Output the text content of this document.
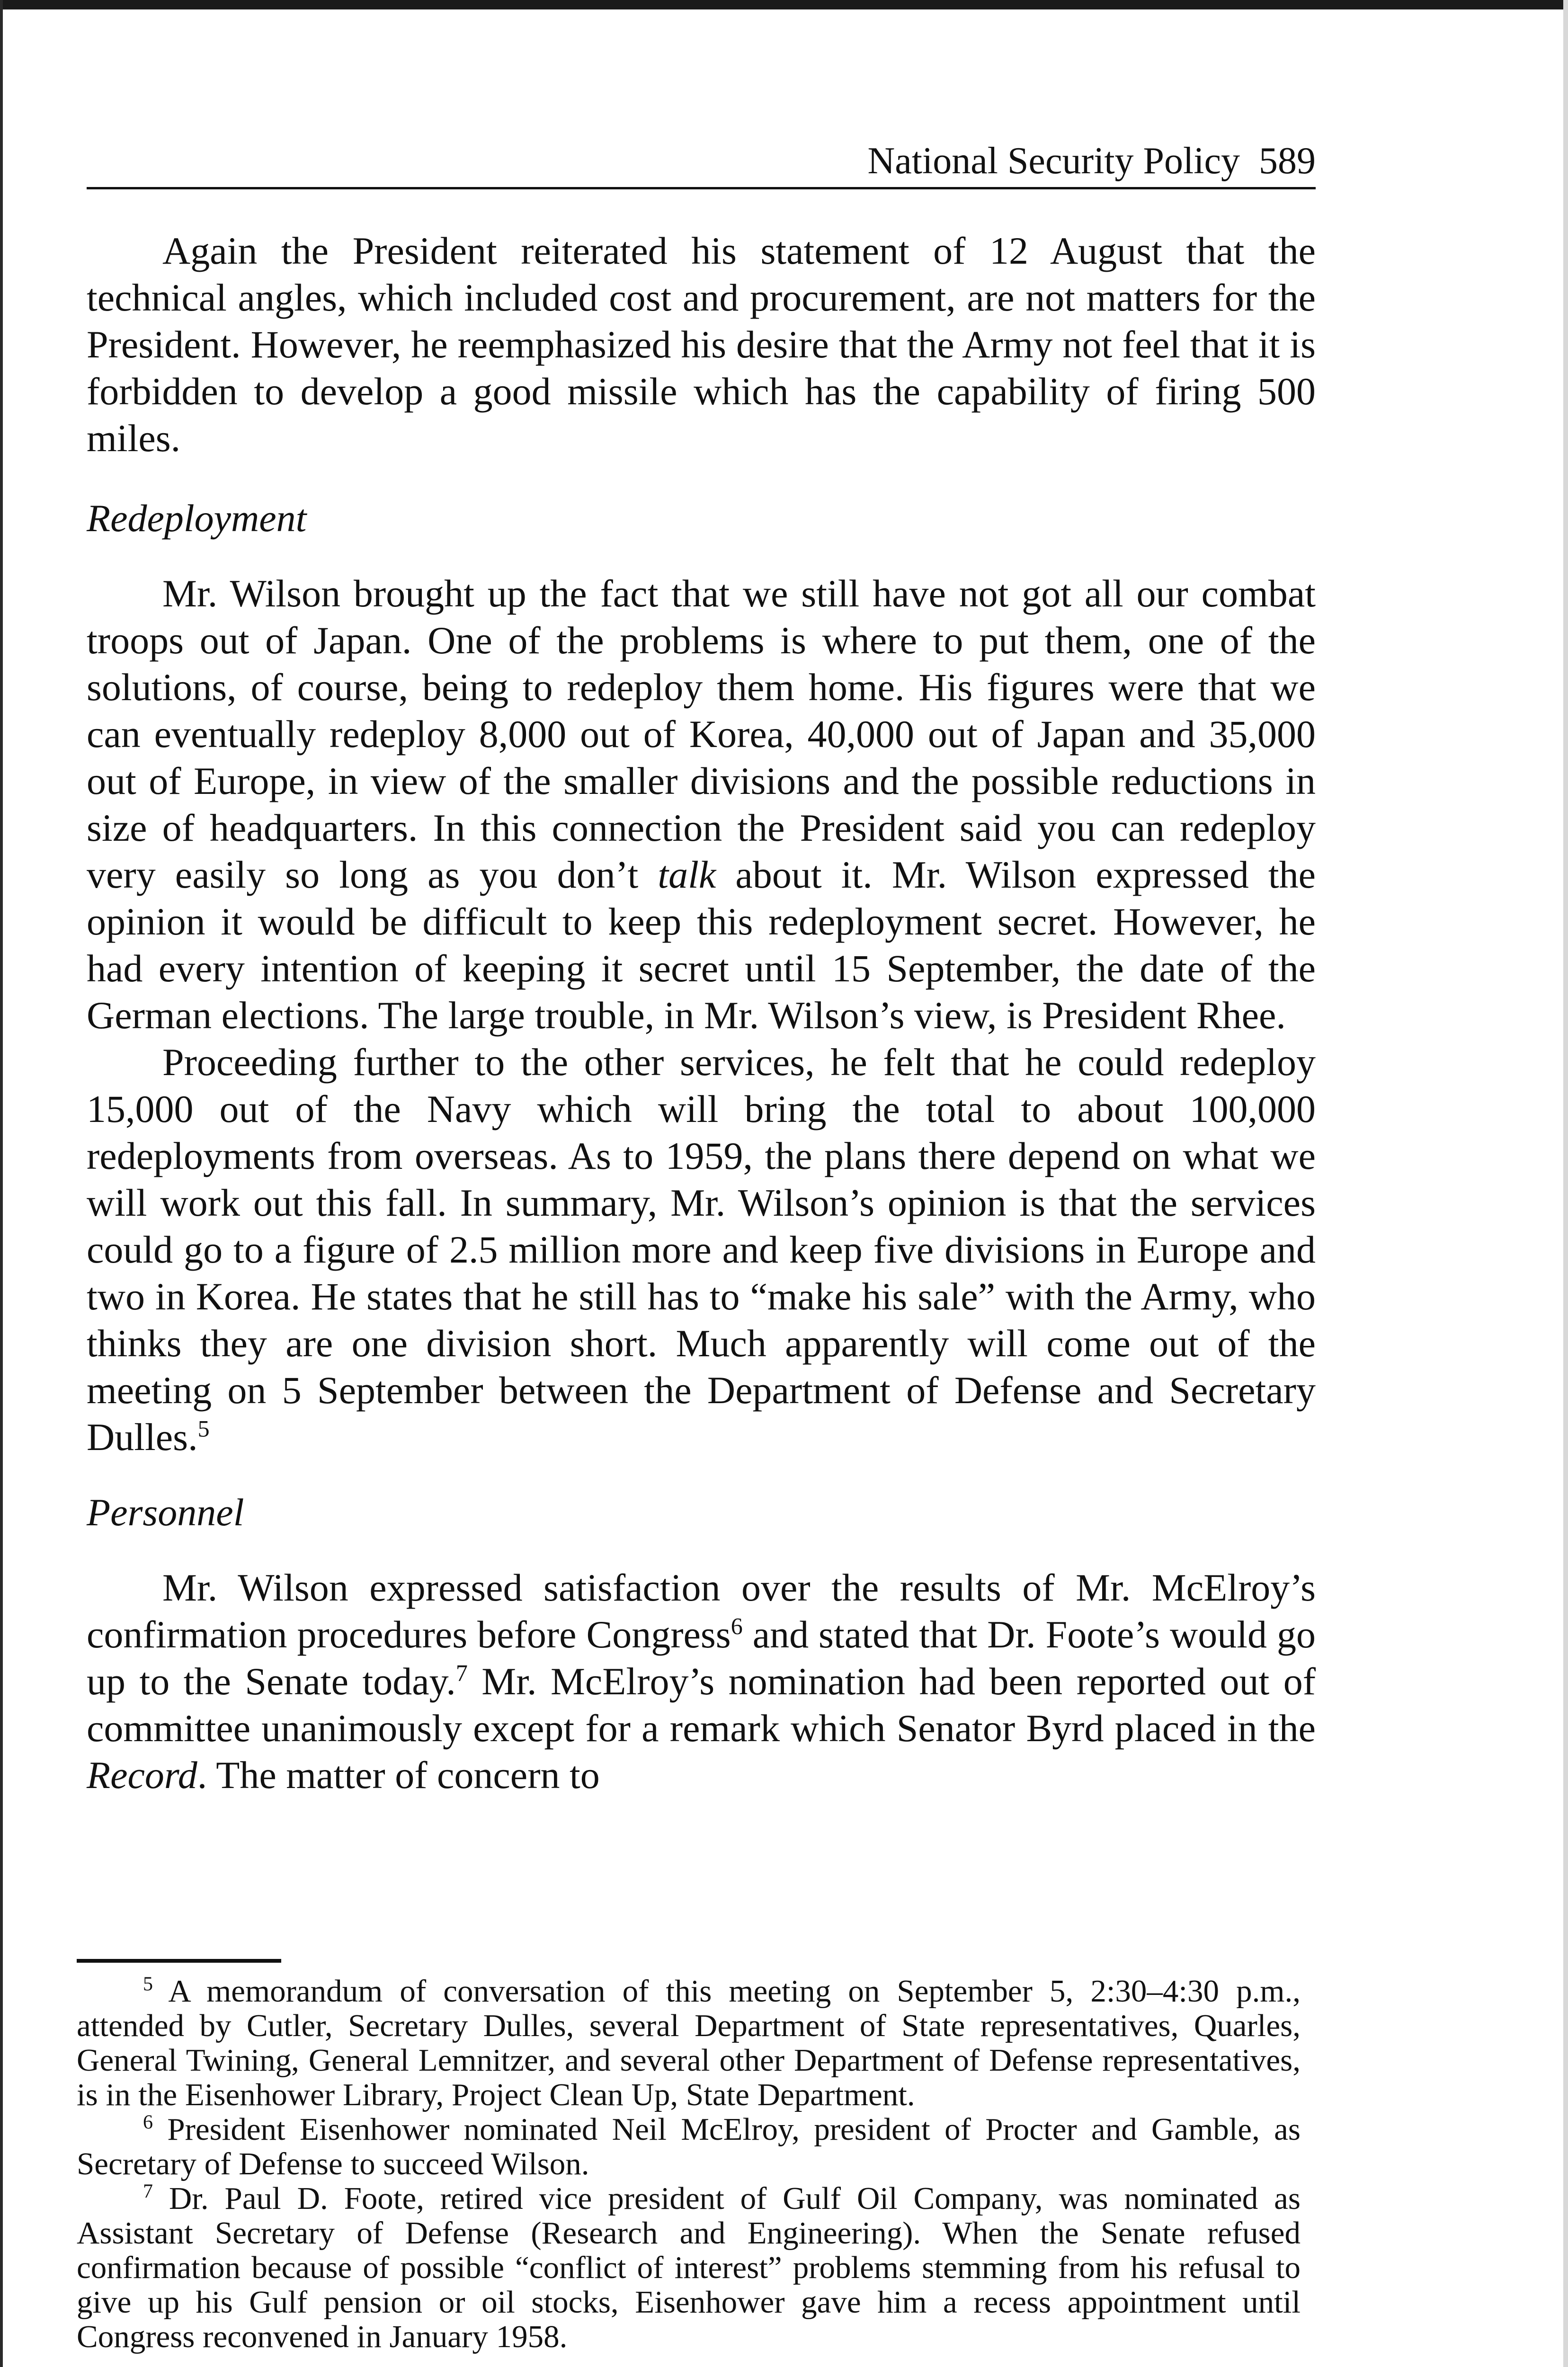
National Security Policy 589

Again the President reiterated his statement of 12 August that the technical angles, which included cost and procurement, are not matters for the President. However, he reemphasized his desire that the Army not feel that it is forbidden to develop a good missile which has the capability of firing 500 miles.

Redeployment

Mr. Wilson brought up the fact that we still have not got all our combat troops out of Japan. One of the problems is where to put them, one of the solutions, of course, being to redeploy them home. His figures were that we can eventually redeploy 8,000 out of Korea, 40,000 out of Japan and 35,000 out of Europe, in view of the smaller divisions and the possible reductions in size of headquarters. In this connection the President said you can redeploy very easily so long as you don’t talk about it. Mr. Wilson expressed the opinion it would be difficult to keep this redeployment secret. However, he had every intention of keeping it secret until 15 September, the date of the German elections. The large trouble, in Mr. Wilson’s view, is President Rhee.

Proceeding further to the other services, he felt that he could redeploy 15,000 out of the Navy which will bring the total to about 100,000 redeployments from overseas. As to 1959, the plans there depend on what we will work out this fall. In summary, Mr. Wilson’s opinion is that the services could go to a figure of 2.5 million more and keep five divisions in Europe and two in Korea. He states that he still has to “make his sale” with the Army, who thinks they are one division short. Much apparently will come out of the meeting on 5 September between the Department of Defense and Secretary Dulles.$^5$

Personnel

Mr. Wilson expressed satisfaction over the results of Mr. McElroy’s confirmation procedures before Congress$^6$ and stated that Dr. Foote’s would go up to the Senate today.$^7$ Mr. McElroy’s nomination had been reported out of committee unanimously except for a remark which Senator Byrd placed in the Record. The matter of concern to

$^5$ A memorandum of conversation of this meeting on September 5, 2:30–4:30 p.m., attended by Cutler, Secretary Dulles, several Department of State representatives, Quarles, General Twining, General Lemnitzer, and several other Department of Defense representatives, is in the Eisenhower Library, Project Clean Up, State Department.

$^6$ President Eisenhower nominated Neil McElroy, president of Procter and Gamble, as Secretary of Defense to succeed Wilson.

$^7$ Dr. Paul D. Foote, retired vice president of Gulf Oil Company, was nominated as Assistant Secretary of Defense (Research and Engineering). When the Senate refused confirmation because of possible “conflict of interest” problems stemming from his refusal to give up his Gulf pension or oil stocks, Eisenhower gave him a recess appointment until Congress reconvened in January 1958.
